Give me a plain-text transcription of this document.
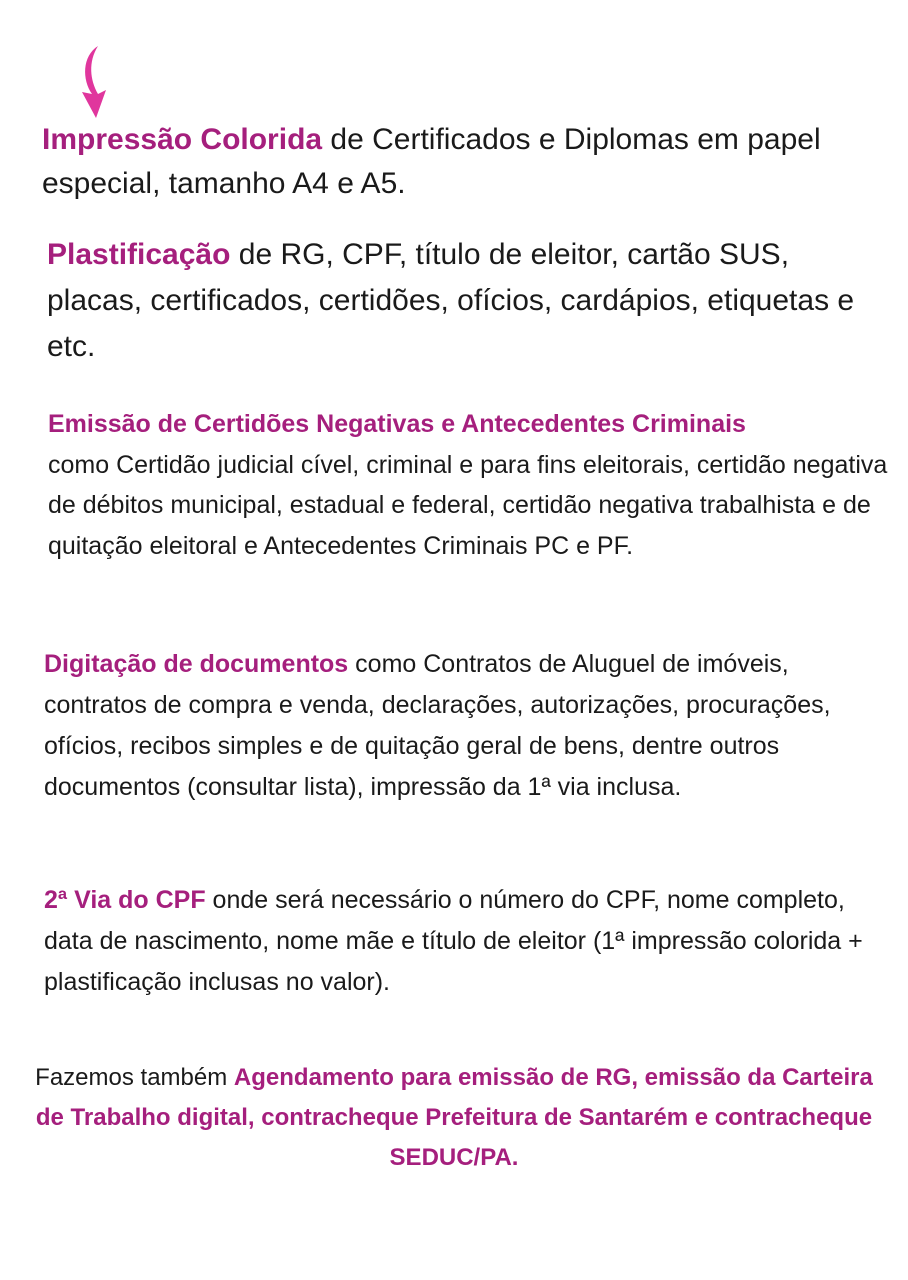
Impressão Colorida de Certificados e Diplomas em papel especial, tamanho A4 e A5.

Plastificação de RG, CPF, título de eleitor, cartão SUS, placas, certificados, certidões, ofícios, cardápios, etiquetas e etc.

Emissão de Certidões Negativas e Antecedentes Criminais
como Certidão judicial cível, criminal e para fins eleitorais, certidão negativa de débitos municipal, estadual e federal, certidão negativa trabalhista e de quitação eleitoral e Antecedentes Criminais PC e PF.

Digitação de documentos como Contratos de Aluguel de imóveis, contratos de compra e venda, declarações, autorizações, procurações, ofícios, recibos simples e de quitação geral de bens, dentre outros documentos (consultar lista), impressão da 1ª via inclusa.

2ª Via do CPF onde será necessário o número do CPF, nome completo, data de nascimento, nome mãe e título de eleitor (1ª impressão colorida + plastificação inclusas no valor).

Fazemos também Agendamento para emissão de RG, emissão da Carteira de Trabalho digital, contracheque Prefeitura de Santarém e contracheque SEDUC/PA.
